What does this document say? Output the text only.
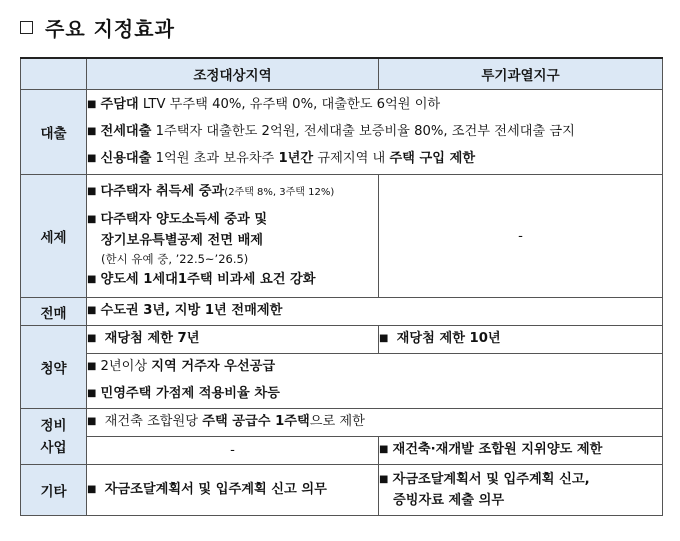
주요 지정효과
	조정대상지역	투기과열지구
대출	■ 주담대 LTV 무주택 40%, 유주택 0%, 대출한도 6억원 이하
■ 전세대출 1주택자 대출한도 2억원, 전세대출 보증비율 80%, 조건부 전세대출 금지
■ 신용대출 1억원 초과 보유차주 1년간 규제지역 내 주택 구입 제한	

세제	■ 다주택자 취득세 중과(2주택 8%, 3주택 12%)
■ 다주택자 양도소득세 중과 및
장기보유특별공제 전면 배제
(한시 유예 중, ’22.5~’26.5)
■ 양도세 1세대1주택 비과세 요건 강화	-
전매	■ 수도권 3년, 지방 1년 전매제한	

청약	■ 재당첨 제한 7년	■ 재당첨 제한 10년

	■ 2년이상 지역 거주자 우선공급
■ 민영주택 가점제 적용비율 차등	

정비사업	■ 재건축 조합원당 주택 공급수 1주택으로 제한	

	-	■ 재건축·재개발 조합원 지위양도 제한

기타	■ 자금조달계획서 및 입주계획 신고 의무	■ 자금조달계획서 및 입주계획 신고,
증빙자료 제출 의무
